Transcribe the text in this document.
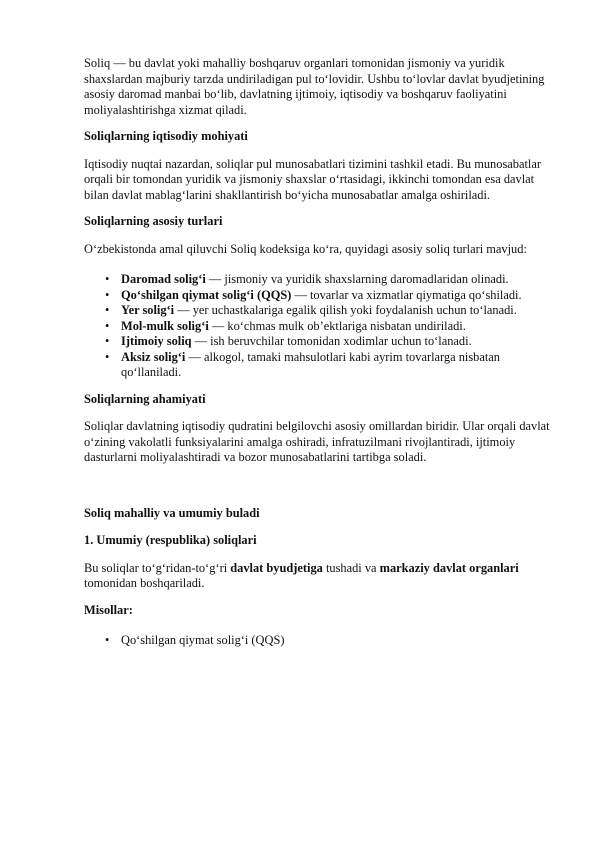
Soliq — bu davlat yoki mahalliy boshqaruv organlari tomonidan jismoniy va yuridik shaxslardan majburiy tarzda undiriladigan pul to‘lovidir. Ushbu to‘lovlar davlat byudjetining asosiy daromad manbai bo‘lib, davlatning ijtimoiy, iqtisodiy va boshqaruv faoliyatini moliyalashtirishga xizmat qiladi.

Soliqlarning iqtisodiy mohiyati

Iqtisodiy nuqtai nazardan, soliqlar pul munosabatlari tizimini tashkil etadi. Bu munosabatlar orqali bir tomondan yuridik va jismoniy shaxslar o‘rtasidagi, ikkinchi tomondan esa davlat bilan davlat mablag‘larini shakllantirish bo‘yicha munosabatlar amalga oshiriladi.

Soliqlarning asosiy turlari

O‘zbekistonda amal qiluvchi Soliq kodeksiga ko‘ra, quyidagi asosiy soliq turlari mavjud:

• Daromad solig‘i — jismoniy va yuridik shaxslarning daromadlaridan olinadi.
• Qo‘shilgan qiymat solig‘i (QQS) — tovarlar va xizmatlar qiymatiga qo‘shiladi.
• Yer solig‘i — yer uchastkalariga egalik qilish yoki foydalanish uchun to‘lanadi.
• Mol-mulk solig‘i — ko‘chmas mulk ob’ektlariga nisbatan undiriladi.
• Ijtimoiy soliq — ish beruvchilar tomonidan xodimlar uchun to‘lanadi.
• Aksiz solig‘i — alkogol, tamaki mahsulotlari kabi ayrim tovarlarga nisbatan qo‘llaniladi.

Soliqlarning ahamiyati

Soliqlar davlatning iqtisodiy qudratini belgilovchi asosiy omillardan biridir. Ular orqali davlat o‘zining vakolatli funksiyalarini amalga oshiradi, infratuzilmani rivojlantiradi, ijtimoiy dasturlarni moliyalashtiradi va bozor munosabatlarini tartibga soladi.

Soliq mahalliy va umumiy buladi

1. Umumiy (respublika) soliqlari

Bu soliqlar to‘g‘ridan-to‘g‘ri davlat byudjetiga tushadi va markaziy davlat organlari tomonidan boshqariladi.

Misollar:

• Qo‘shilgan qiymat solig‘i (QQS)
